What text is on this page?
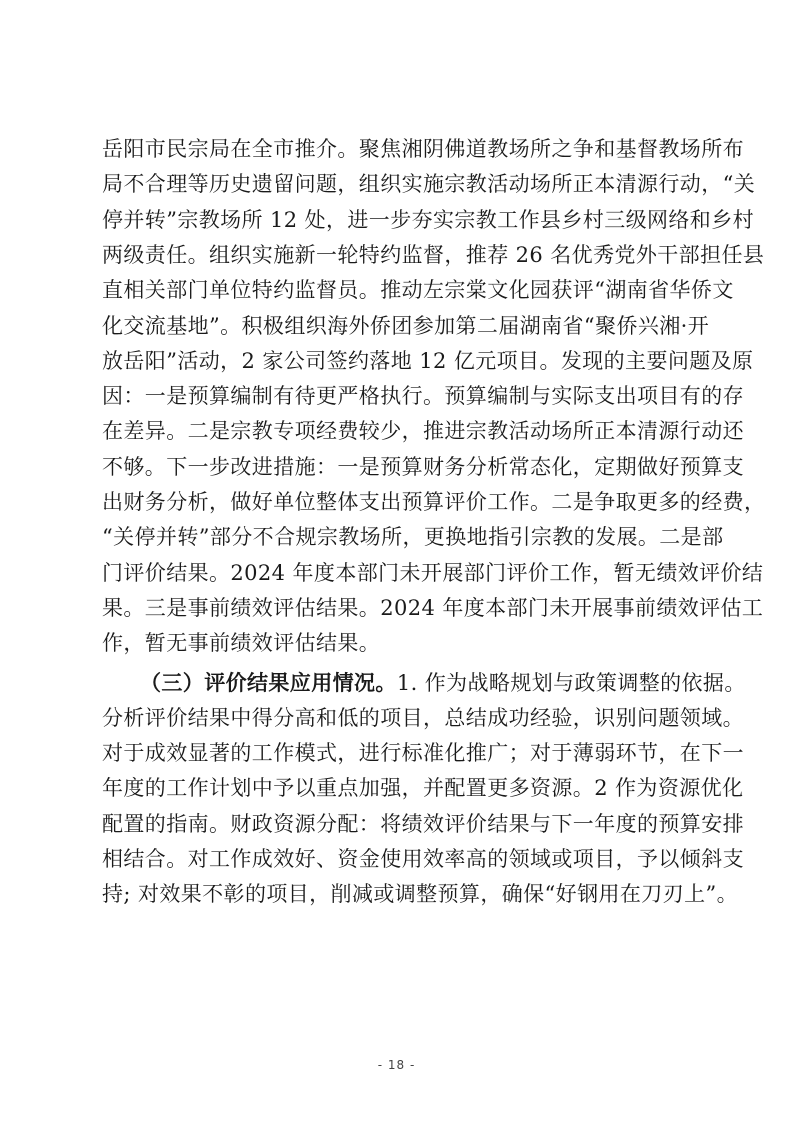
岳阳市民宗局在全市推介。聚焦湘阴佛道教场所之争和基督教场所布
局不合理等历史遗留问题，组织实施宗教活动场所正本清源行动，“关
停并转”宗教场所 12 处，进一步夯实宗教工作县乡村三级网络和乡村
两级责任。组织实施新一轮特约监督，推荐 26 名优秀党外干部担任县
直相关部门单位特约监督员。推动左宗棠文化园获评“湖南省华侨文
化交流基地”。积极组织海外侨团参加第二届湖南省“聚侨兴湘·开
放岳阳”活动，2 家公司签约落地 12 亿元项目。发现的主要问题及原
因：一是预算编制有待更严格执行。预算编制与实际支出项目有的存
在差异。二是宗教专项经费较少，推进宗教活动场所正本清源行动还
不够。下一步改进措施：一是预算财务分析常态化，定期做好预算支
出财务分析，做好单位整体支出预算评价工作。二是争取更多的经费，
“关停并转”部分不合规宗教场所，更换地指引宗教的发展。二是部
门评价结果。2024 年度本部门未开展部门评价工作，暂无绩效评价结
果。三是事前绩效评估结果。2024 年度本部门未开展事前绩效评估工
作，暂无事前绩效评估结果。
（三）评价结果应用情况。1. 作为战略规划与政策调整的依据。
分析评价结果中得分高和低的项目，总结成功经验，识别问题领域。
对于成效显著的工作模式，进行标准化推广；对于薄弱环节，在下一
年度的工作计划中予以重点加强，并配置更多资源。2 作为资源优化
配置的指南。财政资源分配：将绩效评价结果与下一年度的预算安排
相结合。对工作成效好、资金使用效率高的领域或项目，予以倾斜支
持; 对效果不彰的项目，削减或调整预算，确保“好钢用在刀刃上”。
- 18 -
